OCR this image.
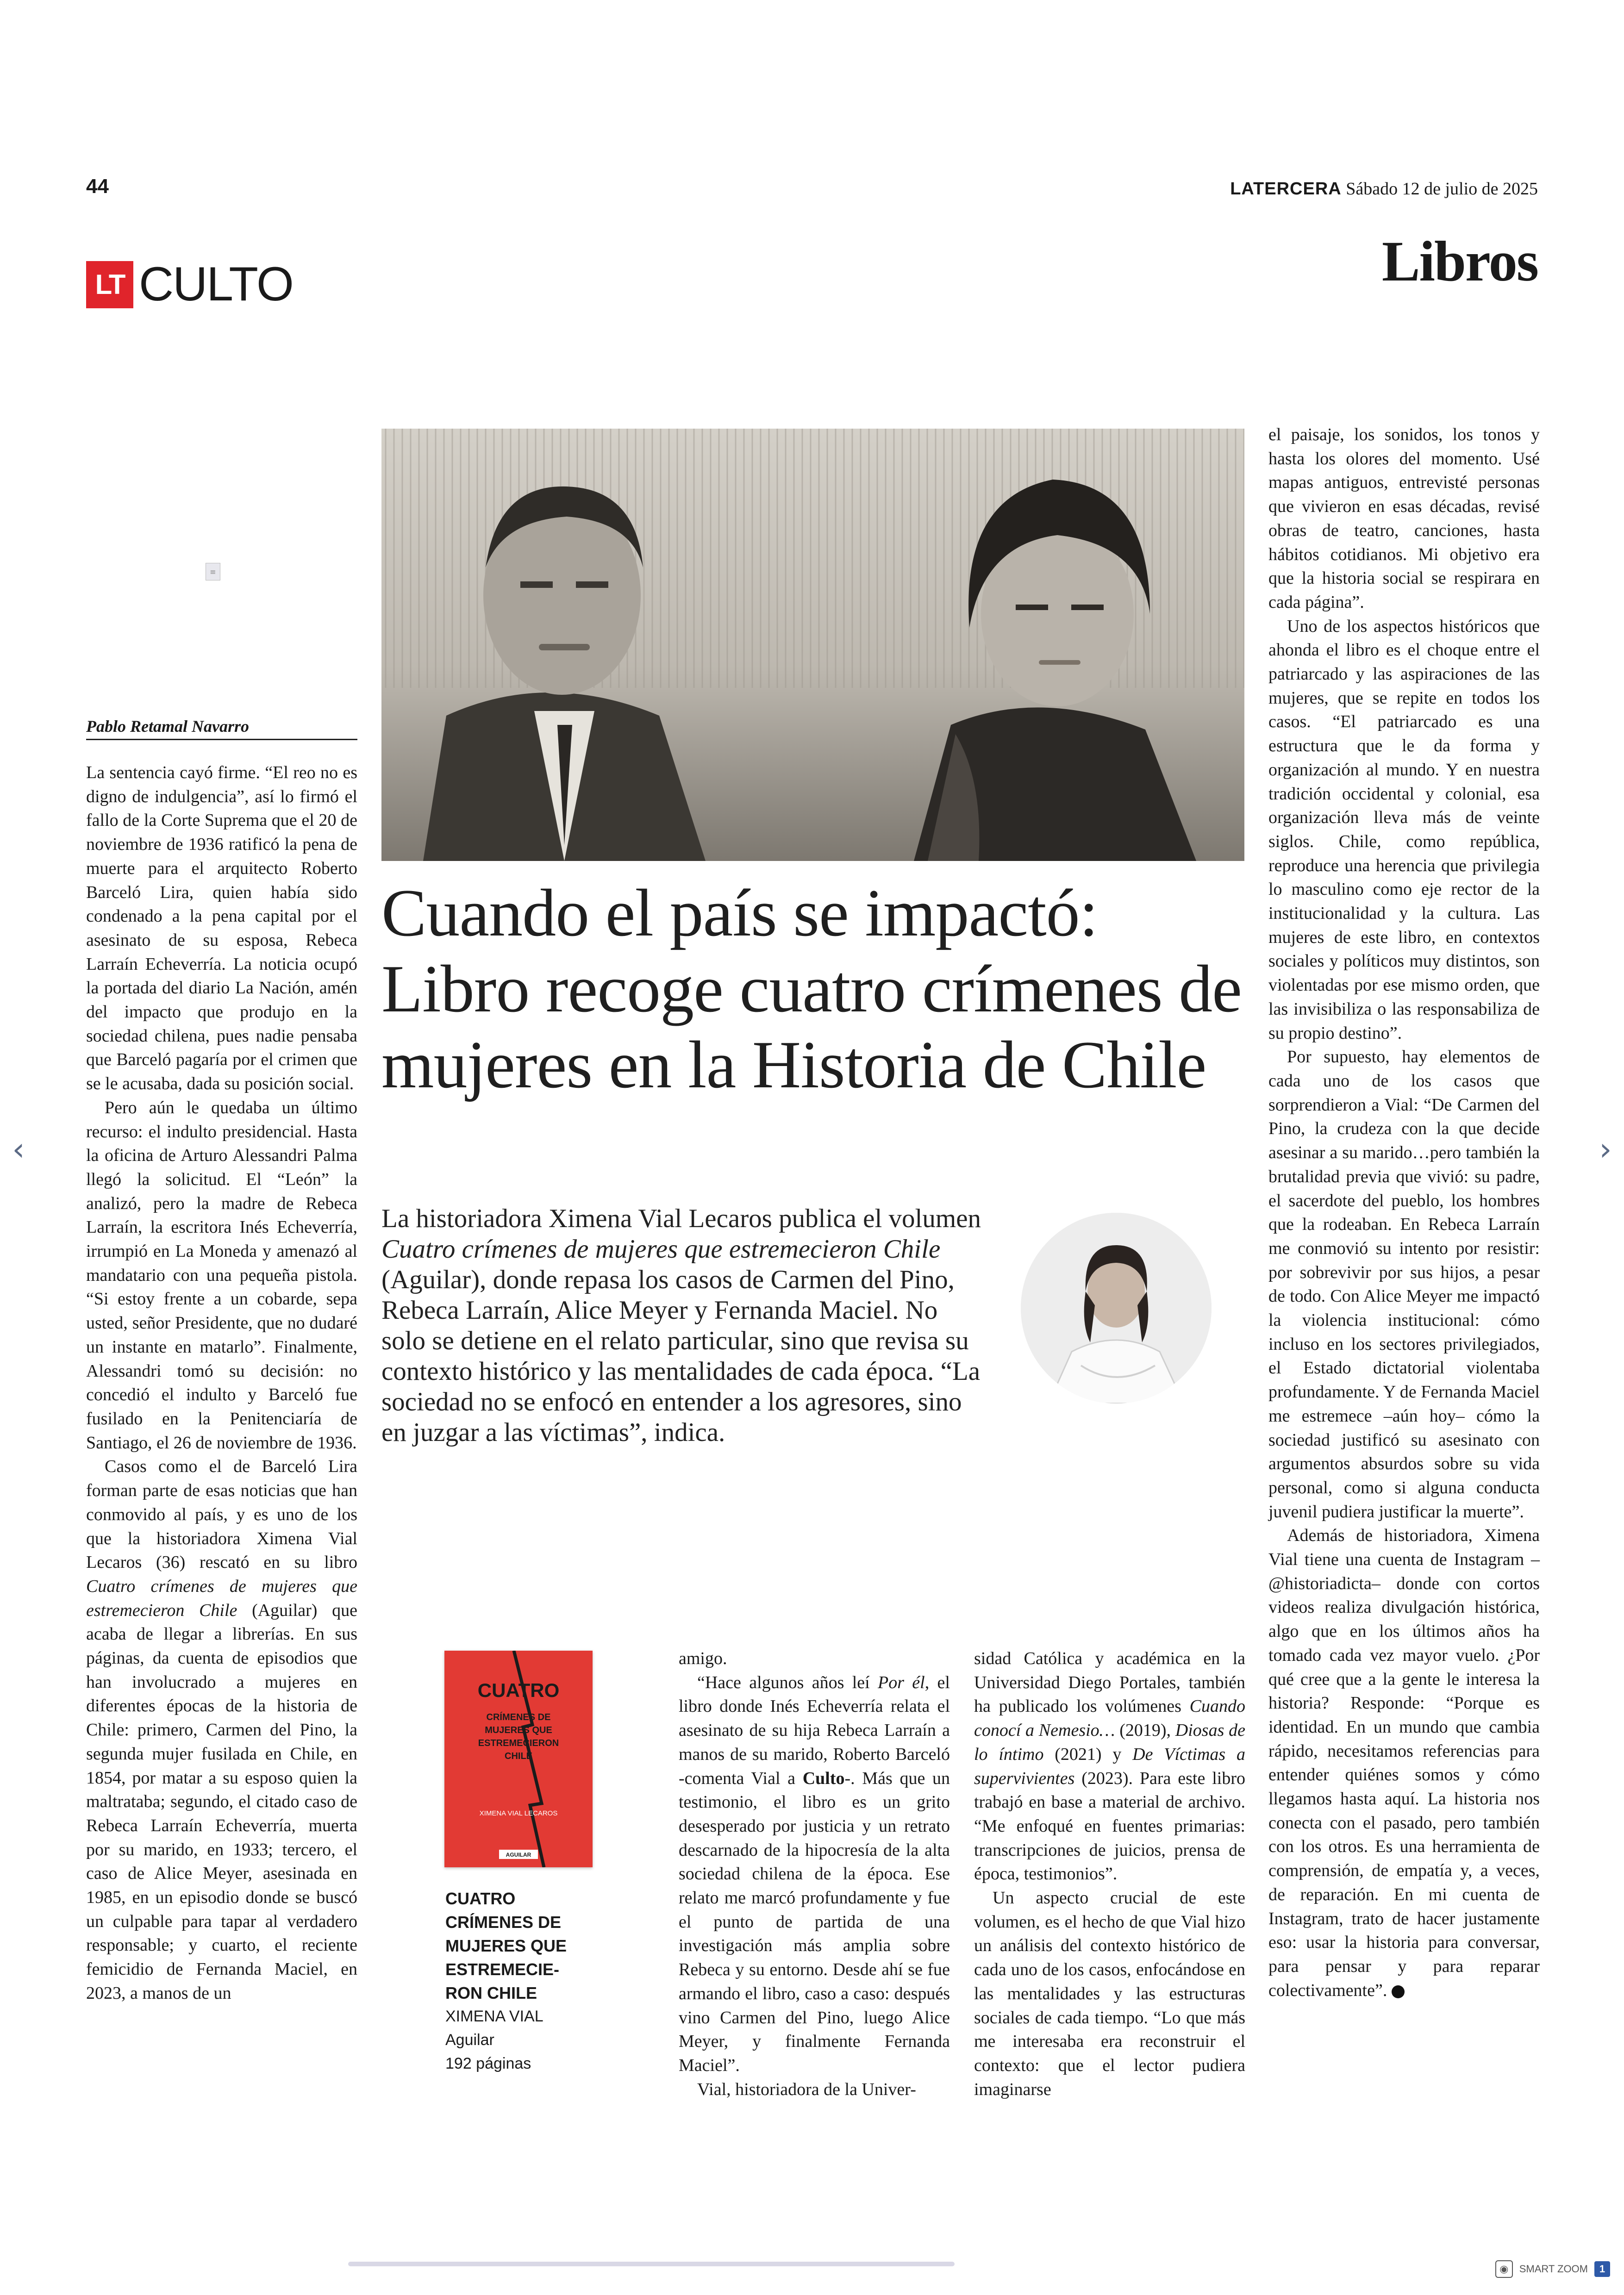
44	LATERCERA Sábado 12 de julio de 2025
LT CULTO	Libros
≡
Pablo Retamal Navarro

La sentencia cayó firme. “El reo no es digno de indulgencia”, así lo firmó el fallo de la Corte Suprema que el 20 de noviembre de 1936 ratificó la pena de muerte para el arquitecto Roberto Barceló Lira, quien había sido condenado a la pena capital por el asesinato de su esposa, Rebeca Larraín Echeverría. La noticia ocupó la portada del diario La Nación, amén del impacto que produjo en la sociedad chilena, pues nadie pensaba que Barceló pagaría por el crimen que se le acusaba, dada su posición social.

Pero aún le quedaba un último recurso: el indulto presidencial. Hasta la oficina de Arturo Alessandri Palma llegó la solicitud. El “León” la analizó, pero la madre de Rebeca Larraín, la escritora Inés Echeverría, irrumpió en La Moneda y amenazó al mandatario con una pequeña pistola. “Si estoy frente a un cobarde, sepa usted, señor Presidente, que no dudaré un instante en matarlo”. Finalmente, Alessandri tomó su decisión: no concedió el indulto y Barceló fue fusilado en la Penitenciaría de Santiago, el 26 de noviembre de 1936.

Casos como el de Barceló Lira forman parte de esas noticias que han conmovido al país, y es uno de los que la historiadora Ximena Vial Lecaros (36) rescató en su libro Cuatro crímenes de mujeres que estremecieron Chile (Aguilar) que acaba de llegar a librerías. En sus páginas, da cuenta de episodios que han involucrado a mujeres en diferentes épocas de la historia de Chile: primero, Carmen del Pino, la segunda mujer fusilada en Chile, en 1854, por matar a su esposo quien la maltrataba; segundo, el citado caso de Rebeca Larraín Echeverría, muerta por su marido, en 1933; tercero, el caso de Alice Meyer, asesinada en 1985, en un episodio donde se buscó un culpable para tapar al verdadero responsable; y cuarto, el reciente femicidio de Fernanda Maciel, en 2023, a manos de un

Cuando el país se impactó: Libro recoge cuatro crímenes de mujeres en la Historia de Chile
La historiadora Ximena Vial Lecaros publica el volumen Cuatro crímenes de mujeres que estremecieron Chile (Aguilar), donde repasa los casos de Carmen del Pino, Rebeca Larraín, Alice Meyer y Fernanda Maciel. No solo se detiene en el relato particular, sino que revisa su contexto histórico y las mentalidades de cada época. “La sociedad no se enfocó en entender a los agresores, sino en juzgar a las víctimas”, indica.
CUATRO
CRÍMENES DE
MUJERES QUE
ESTREMECIERON
CHILE
XIMENA VIAL LECAROS
AGUILAR
CUATRO CRÍMENES DE MUJERES QUE ESTREMECIE-RON CHILE
XIMENA VIAL
Aguilar
192 páginas

amigo.

“Hace algunos años leí Por él, el libro donde Inés Echeverría relata el asesinato de su hija Rebeca Larraín a manos de su marido, Roberto Barceló -comenta Vial a Culto-. Más que un testimonio, el libro es un grito desesperado por justicia y un retrato descarnado de la hipocresía de la alta sociedad chilena de la época. Ese relato me marcó profundamente y fue el punto de partida de una investigación más amplia sobre Rebeca y su entorno. Desde ahí se fue armando el libro, caso a caso: después vino Carmen del Pino, luego Alice Meyer, y finalmente Fernanda Maciel”.

Vial, historiadora de la Univer-

sidad Católica y académica en la Universidad Diego Portales, también ha publicado los volúmenes Cuando conocí a Nemesio… (2019), Diosas de lo íntimo (2021) y De Víctimas a supervivientes (2023). Para este libro trabajó en base a material de archivo. “Me enfoqué en fuentes primarias: transcripciones de juicios, prensa de época, testimonios”.

Un aspecto crucial de este volumen, es el hecho de que Vial hizo un análisis del contexto histórico de cada uno de los casos, enfocándose en las mentalidades y las estructuras sociales de cada tiempo. “Lo que más me interesaba era reconstruir el contexto: que el lector pudiera imaginarse

el paisaje, los sonidos, los tonos y hasta los olores del momento. Usé mapas antiguos, entrevisté personas que vivieron en esas décadas, revisé obras de teatro, canciones, hasta hábitos cotidianos. Mi objetivo era que la historia social se respirara en cada página”.

Uno de los aspectos históricos que ahonda el libro es el choque entre el patriarcado y las aspiraciones de las mujeres, que se repite en todos los casos. “El patriarcado es una estructura que le da forma y organización al mundo. Y en nuestra tradición occidental y colonial, esa organización lleva más de veinte siglos. Chile, como república, reproduce una herencia que privilegia lo masculino como eje rector de la institucionalidad y la cultura. Las mujeres de este libro, en contextos sociales y políticos muy distintos, son violentadas por ese mismo orden, que las invisibiliza o las responsabiliza de su propio destino”.

Por supuesto, hay elementos de cada uno de los casos que sorprendieron a Vial: “De Carmen del Pino, la crudeza con la que decide asesinar a su marido…pero también la brutalidad previa que vivió: su padre, el sacerdote del pueblo, los hombres que la rodeaban. En Rebeca Larraín me conmovió su intento por resistir: por sobrevivir por sus hijos, a pesar de todo. Con Alice Meyer me impactó la violencia institucional: cómo incluso en los sectores privilegiados, el Estado dictatorial violentaba profundamente. Y de Fernanda Maciel me estremece –aún hoy– cómo la sociedad justificó su asesinato con argumentos absurdos sobre su vida personal, como si alguna conducta juvenil pudiera justificar la muerte”.

Además de historiadora, Ximena Vial tiene una cuenta de Instagram –@historiadicta– donde con cortos videos realiza divulgación histórica, algo que en los últimos años ha tomado cada vez mayor vuelo. ¿Por qué cree que a la gente le interesa la historia? Responde: “Porque es identidad. En un mundo que cambia rápido, necesitamos referencias para entender quiénes somos y cómo llegamos hasta aquí. La historia nos conecta con el pasado, pero también con los otros. Es una herramienta de comprensión, de empatía y, a veces, de reparación. En mi cuenta de Instagram, trato de hacer justamente eso: usar la historia para conversar, para pensar y para reparar colectivamente”.

‹	›
◉	SMART ZOOM	1
